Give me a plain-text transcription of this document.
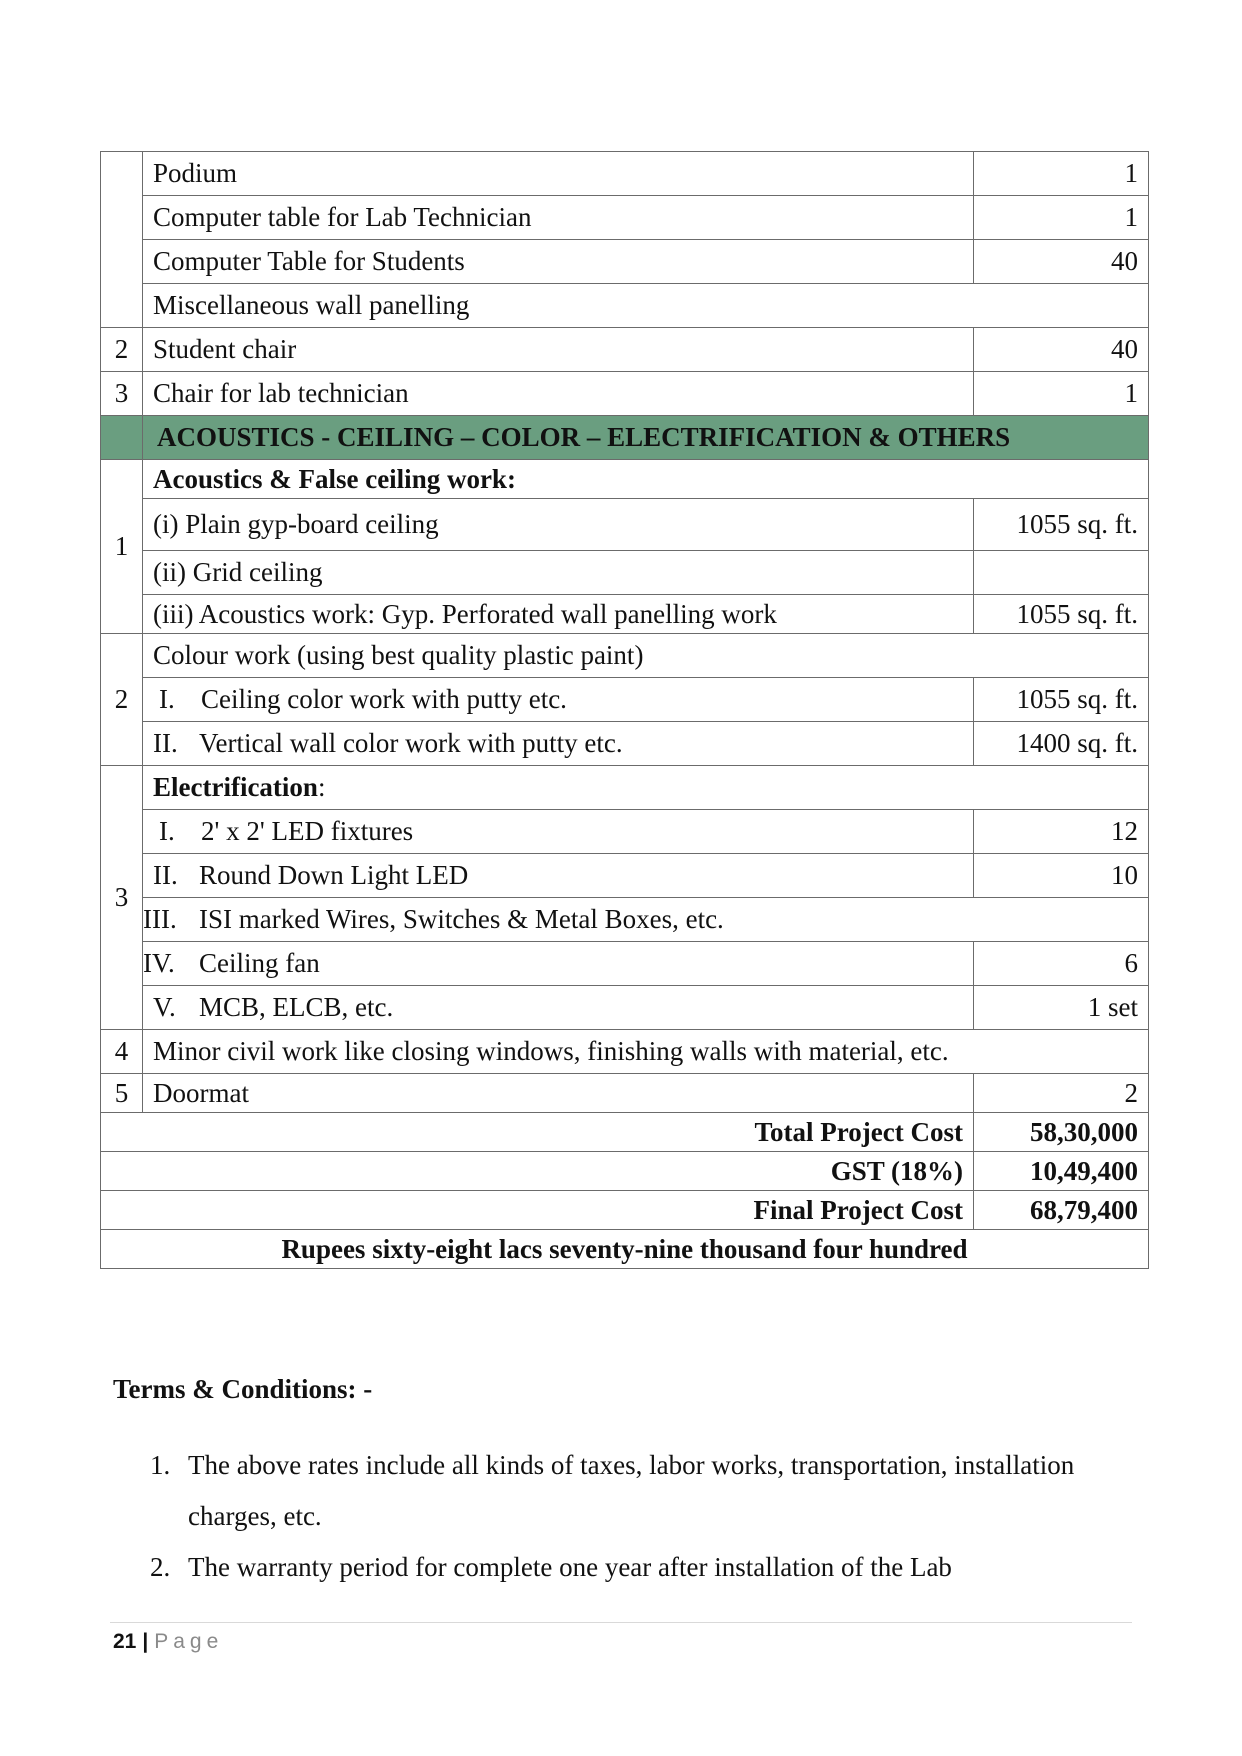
	Podium	1
	Computer table for Lab Technician	1
	Computer Table for Students	40
	Miscellaneous wall panelling	
2	Student chair	40
3	Chair for lab technician	1
	ACOUSTICS - CEILING – COLOR – ELECTRIFICATION & OTHERS	
1	Acoustics & False ceiling work:	
	(i) Plain gyp-board ceiling	1055 sq. ft.
	(ii) Grid ceiling	
	(iii) Acoustics work: Gyp. Perforated wall panelling work	1055 sq. ft.
2	Colour work (using best quality plastic paint)	
	I. Ceiling color work with putty etc.	1055 sq. ft.
	II. Vertical wall color work with putty etc.	1400 sq. ft.
3	Electrification:	
	I. 2' x 2' LED fixtures	12
	II. Round Down Light LED	10
	III. ISI marked Wires, Switches & Metal Boxes, etc.	
	IV. Ceiling fan	6
	V. MCB, ELCB, etc.	1 set
4	Minor civil work like closing windows, finishing walls with material, etc.	
5	Doormat	2
Total Project Cost		58,30,000
GST (18%)		10,49,400
Final Project Cost		68,79,400
Rupees sixty-eight lacs seventy-nine thousand four hundred		

Terms & Conditions: -

1. The above rates include all kinds of taxes, labor works, transportation, installation charges, etc.
2. The warranty period for complete one year after installation of the Lab
21 | Page
